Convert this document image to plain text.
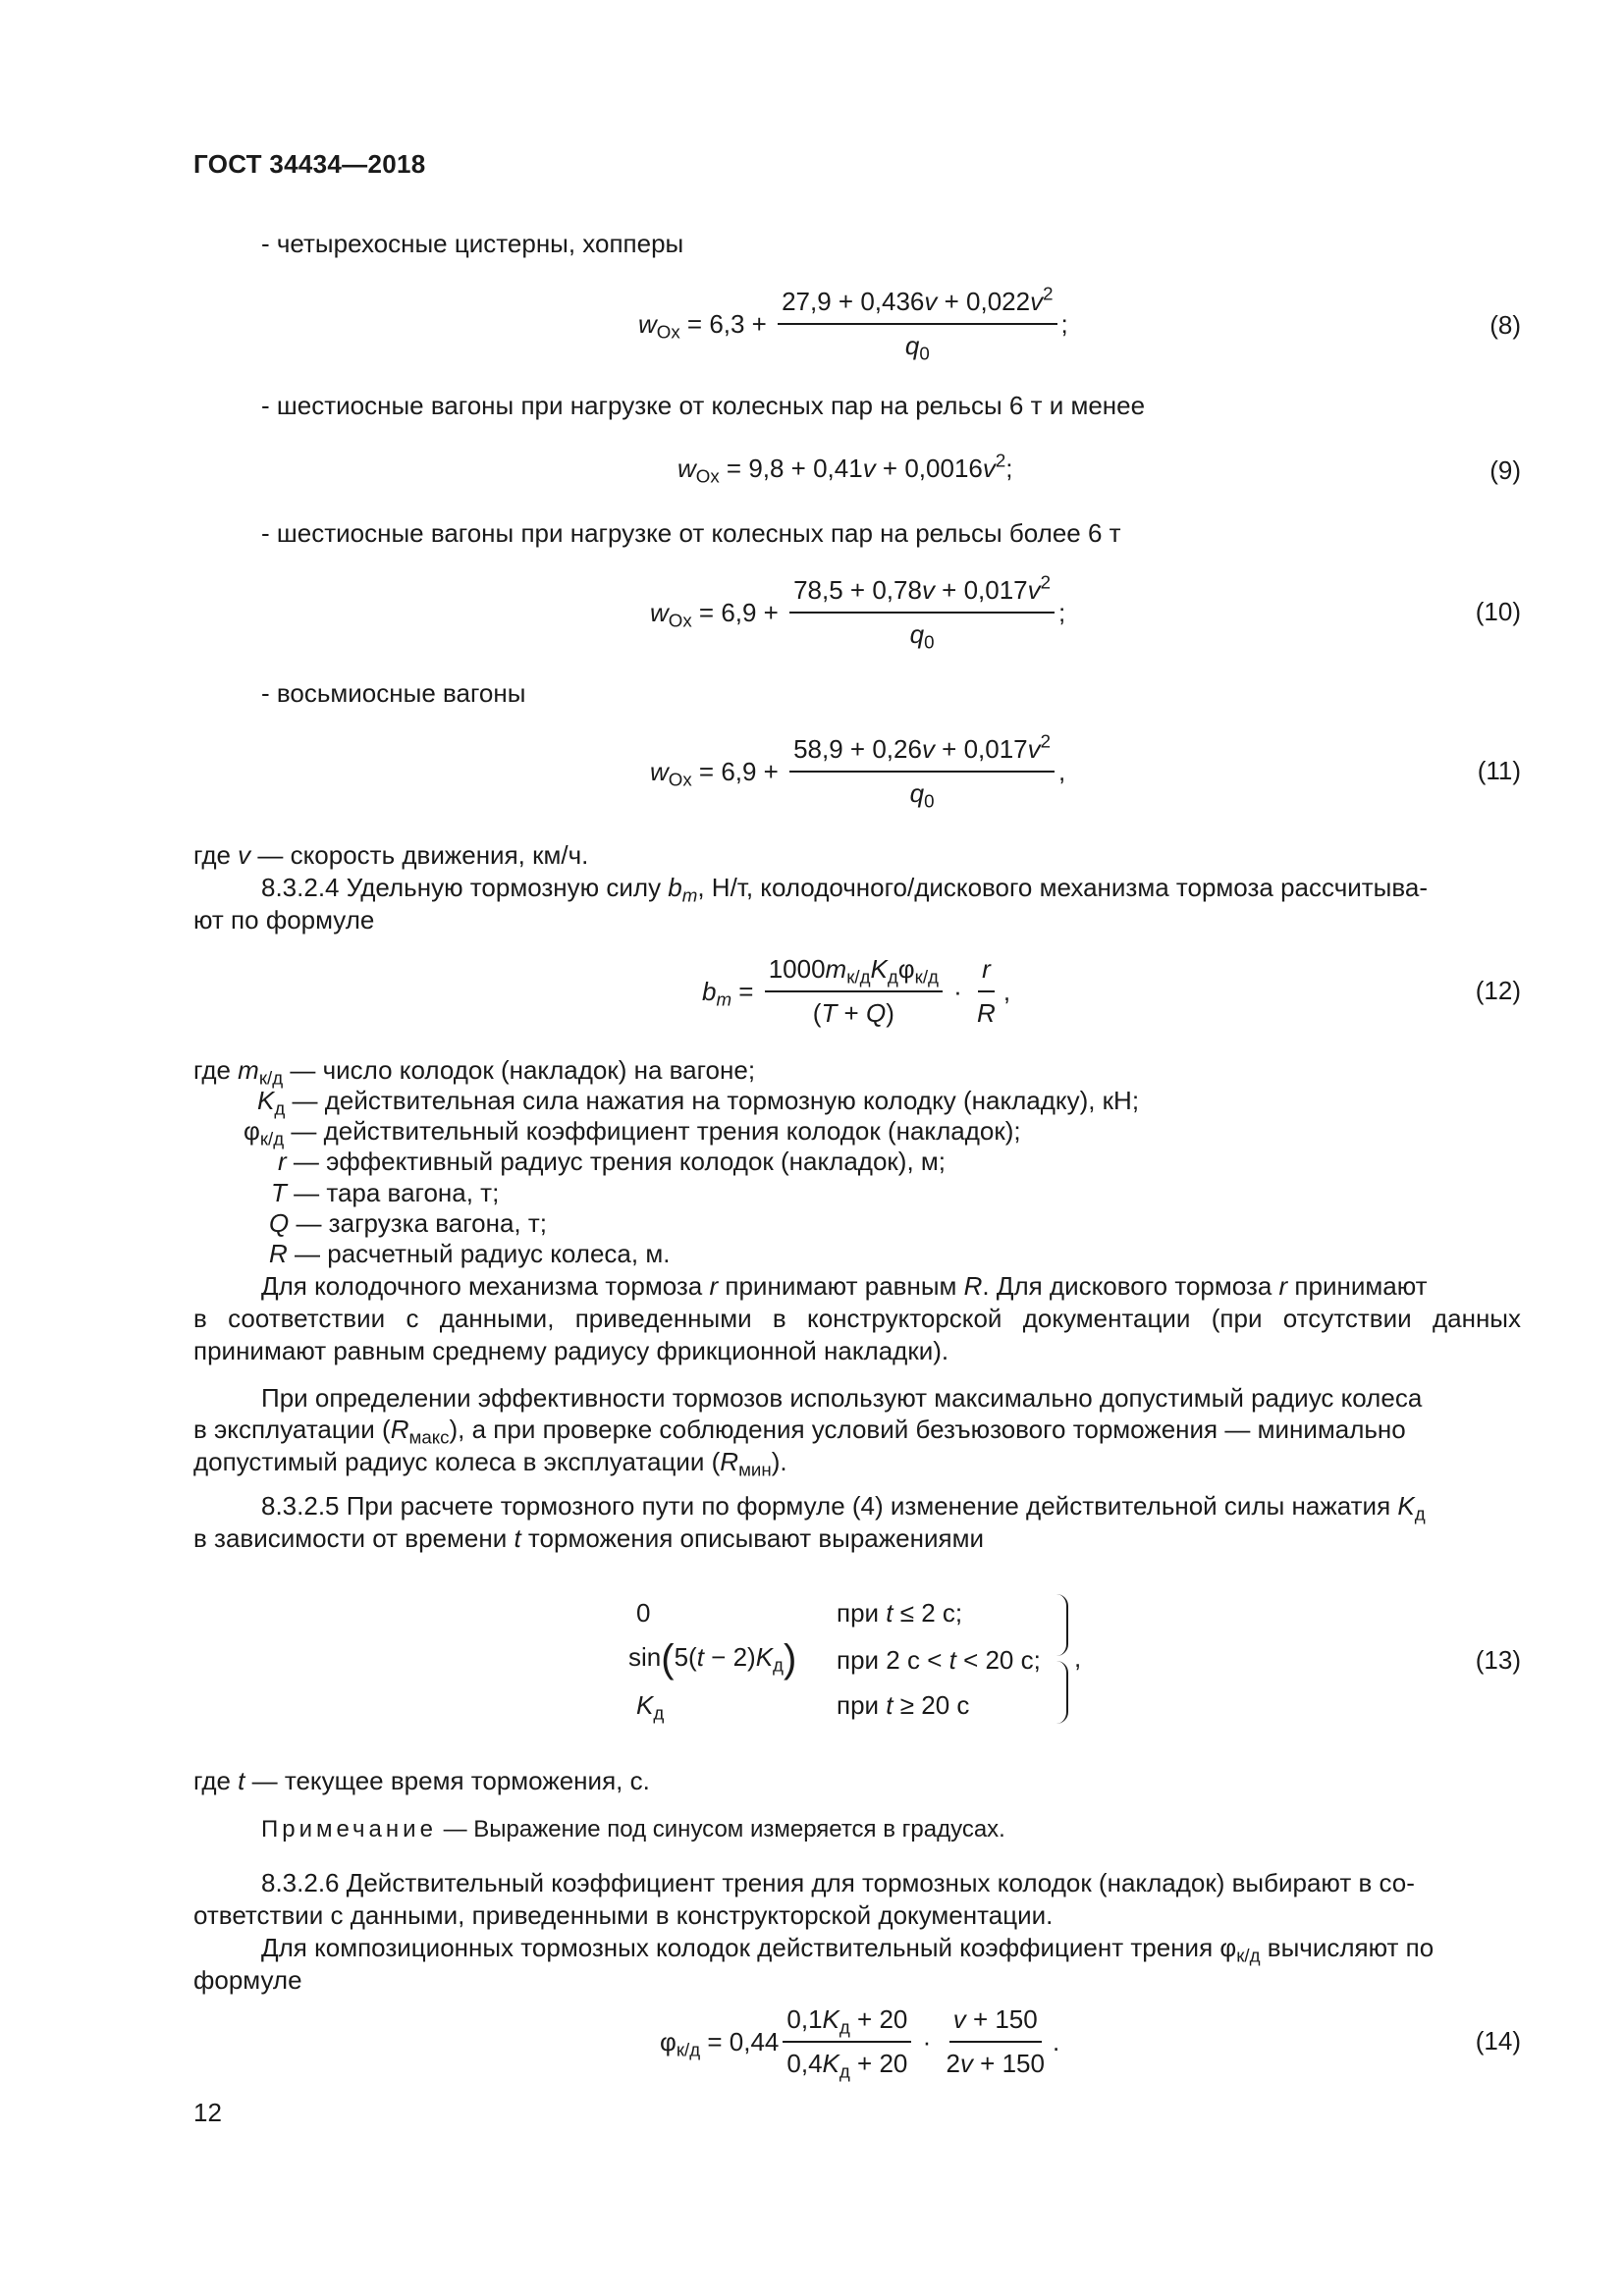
ГОСТ 34434—2018
- четырехосные цистерны, хопперы
$w_{Ox} = 6,3 + \frac{27,9 + 0,436v + 0,022v^2}{q_0}$ ;	(8)
- шестиосные вагоны при нагрузке от колесных пар на рельсы 6 т и менее
$w_{Ox} = 9,8 + 0,41v + 0,0016v^2$;	(9)
- шестиосные вагоны при нагрузке от колесных пар на рельсы более 6 т
$w_{Ox} = 6,9 + \frac{78,5 + 0,78v + 0,017v^2}{q_0}$ ;	(10)
- восьмиосные вагоны
$w_{Ox} = 6,9 + \frac{58,9 + 0,26v + 0,017v^2}{q_0}$ ,	(11)
где v — скорость движения, км/ч.
8.3.2.4 Удельную тормозную силу $b_m$, Н/т, колодочного/дискового механизма тормоза рассчитыва-
ют по формуле
$b_m = \frac{1000m_{к/д}K_д\varphi_{к/д}}{(T + Q)} \cdot \frac{r}{R}$ ,	(12)
где $m_{к/д}$ — число колодок (накладок) на вагоне;
$K_д$ — действительная сила нажатия на тормозную колодку (накладку), кН;
$\varphi_{к/д}$ — действительный коэффициент трения колодок (накладок);
r — эффективный радиус трения колодок (накладок), м;
T — тара вагона, т;
Q — загрузка вагона, т;
R — расчетный радиус колеса, м.
Для колодочного механизма тормоза r принимают равным R. Для дискового тормоза r принимают
в соответствии с данными, приведенными в конструкторской документации (при отсутствии данных
принимают равным среднему радиусу фрикционной накладки).
При определении эффективности тормозов используют максимально допустимый радиус колеса
в эксплуатации $(R_{макс})$, а при проверке соблюдения условий безъюзового торможения — минимально
допустимый радиус колеса в эксплуатации $(R_{мин})$.
8.3.2.5 При расчете тормозного пути по формуле (4) изменение действительной силы нажатия $K_д$
в зависимости от времени t торможения описывают выражениями
0	при t ≤ 2 с;
$\sin(5(t - 2)K_д)$ при 2 с < t < 20 с;
$K_д$	при t ≥ 20 с
,	(13)
где t — текущее время торможения, с.
Примечание — Выражение под синусом измеряется в градусах.
8.3.2.6 Действительный коэффициент трения для тормозных колодок (накладок) выбирают в со-
ответствии с данными, приведенными в конструкторской документации.
Для композиционных тормозных колодок действительный коэффициент трения $\varphi_{к/д}$ вычисляют по
формуле
$\varphi_{к/д} = 0,44 \frac{0,1K_д + 20}{0,4K_д + 20} \cdot \frac{v + 150}{2v + 150}$ .	(14)
12
